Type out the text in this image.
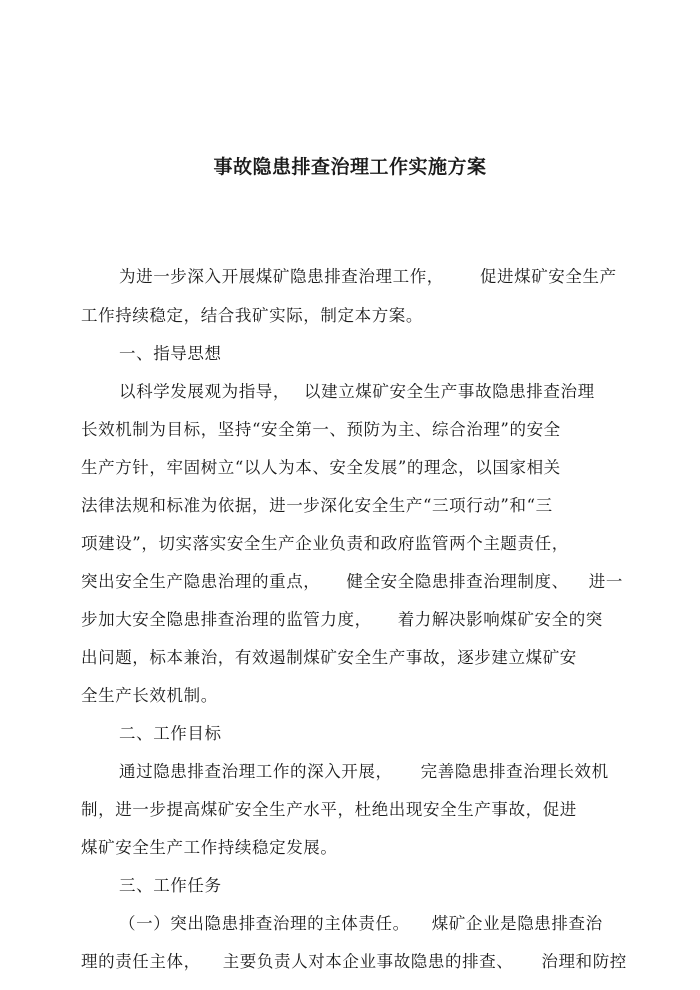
事故隐患排查治理工作实施方案
为进一步深入开展煤矿隐患排查治理工作， 促进煤矿安全生产
工作持续稳定，结合我矿实际，制定本方案。
一、指导思想
以科学发展观为指导， 以建立煤矿安全生产事故隐患排查治理
长效机制为目标，坚持“安全第一、预防为主、综合治理”的安全
生产方针，牢固树立“以人为本、安全发展”的理念，以国家相关
法律法规和标准为依据，进一步深化安全生产“三项行动”和“三
项建设”，切实落实安全生产企业负责和政府监管两个主题责任，
突出安全生产隐患治理的重点， 健全安全隐患排查治理制度、 进一
步加大安全隐患排查治理的监管力度， 着力解决影响煤矿安全的突
出问题，标本兼治，有效遏制煤矿安全生产事故，逐步建立煤矿安
全生产长效机制。
二、工作目标
通过隐患排查治理工作的深入开展， 完善隐患排查治理长效机
制，进一步提高煤矿安全生产水平，杜绝出现安全生产事故，促进
煤矿安全生产工作持续稳定发展。
三、工作任务
（一）突出隐患排查治理的主体责任。 煤矿企业是隐患排查治
理的责任主体， 主要负责人对本企业事故隐患的排查、 治理和防控
